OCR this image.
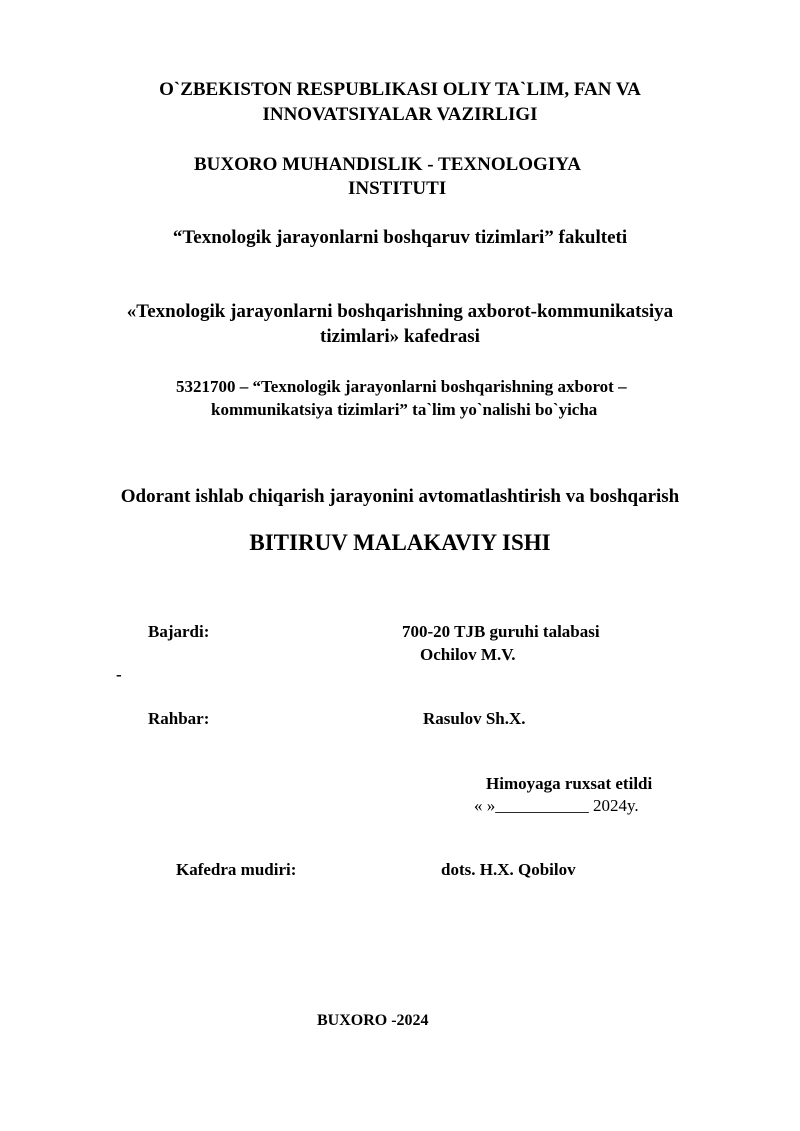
O`ZBEKISTON RESPUBLIKASI OLIY TA`LIM, FAN VA
INNOVATSIYALAR VAZIRLIGI
BUXORO MUHANDISLIK - TEXNOLOGIYA
INSTITUTI
“Texnologik jarayonlarni boshqaruv tizimlari” fakulteti
«Texnologik jarayonlarni boshqarishning axborot-kommunikatsiya
tizimlari» kafedrasi
5321700 – “Texnologik jarayonlarni boshqarishning axborot –
kommunikatsiya tizimlari” ta`lim yo`nalishi bo`yicha
Odorant ishlab chiqarish jarayonini avtomatlashtirish va boshqarish
BITIRUV MALAKAVIY ISHI
Bajardi:	700-20 TJB guruhi talabasi
Ochilov M.V.
-
Rahbar:	Rasulov Sh.X.
Himoyaga ruxsat etildi
« »___________ 2024y.
Kafedra mudiri:	dots. H.X. Qobilov
BUXORO -2024
